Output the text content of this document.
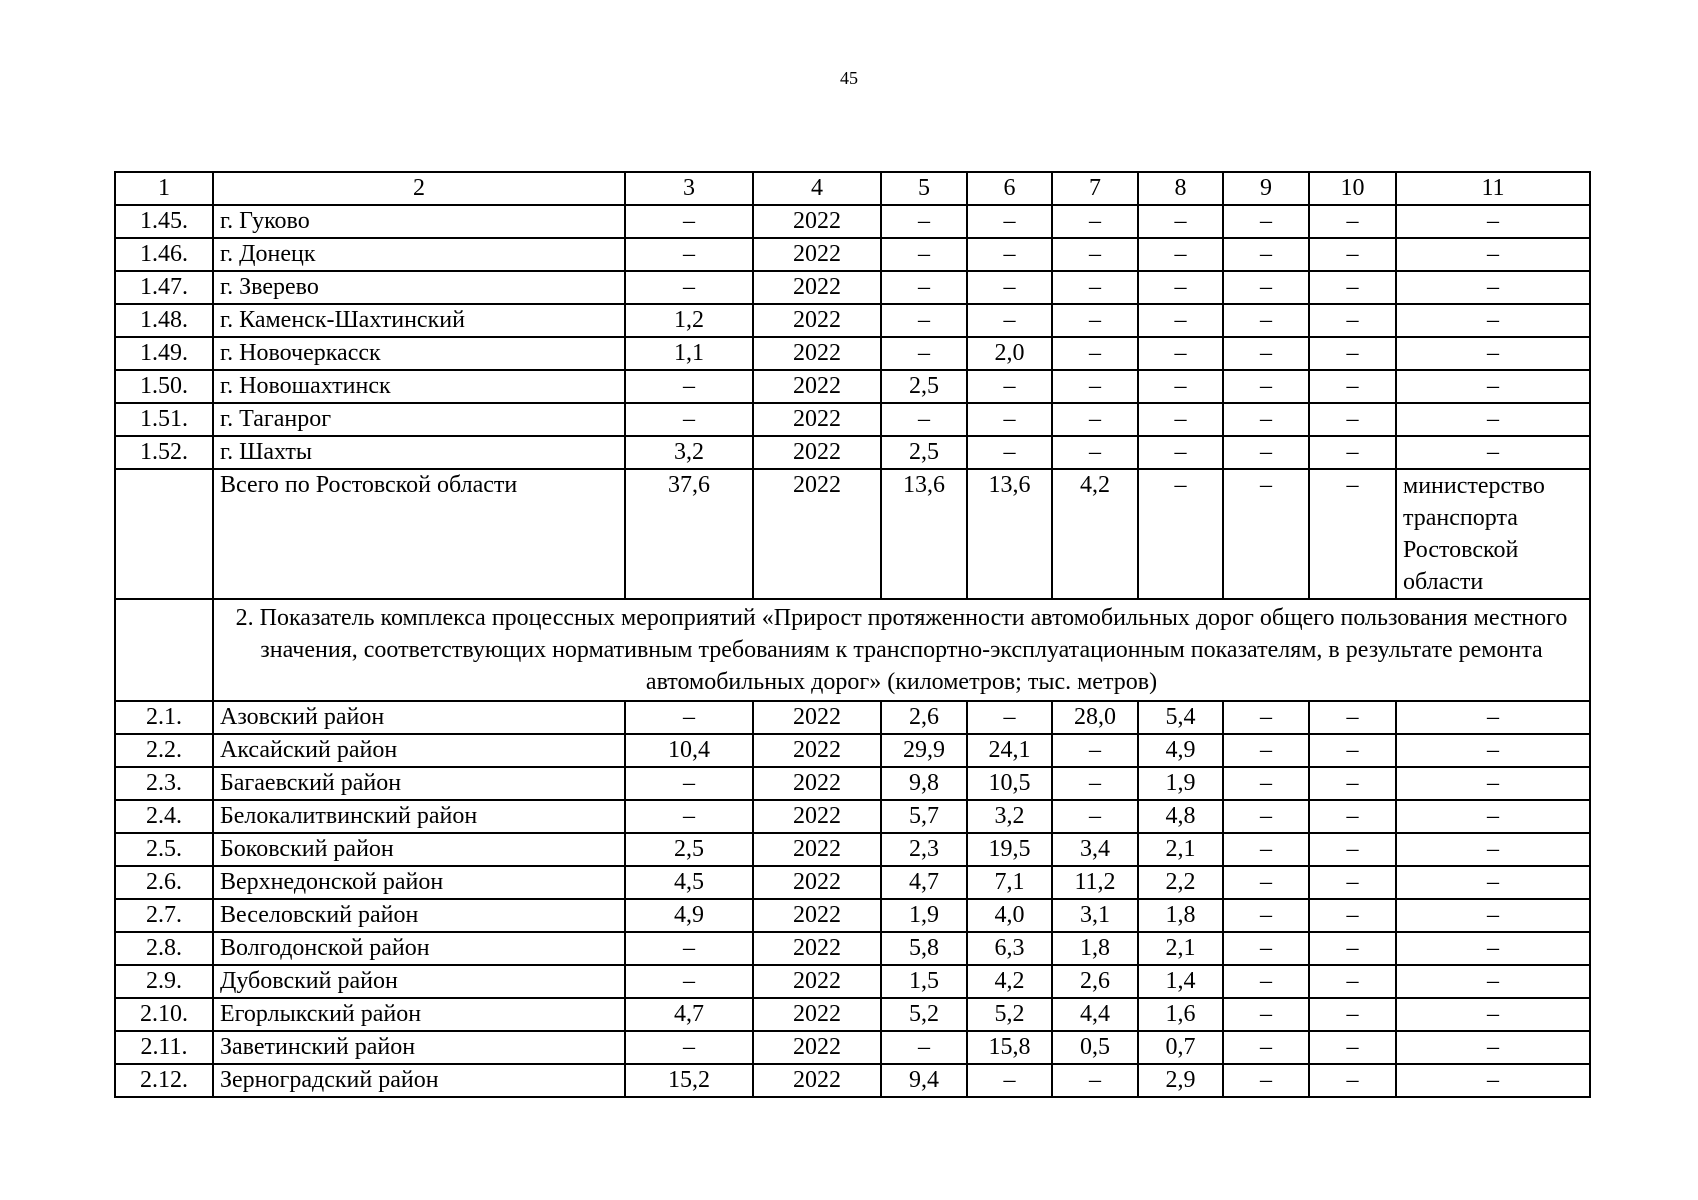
45
1	2	3	4	5	6	7	8	9	10	11
1.45.	г. Гуково	–	2022	–	–	–	–	–	–	–
1.46.	г. Донецк	–	2022	–	–	–	–	–	–	–
1.47.	г. Зверево	–	2022	–	–	–	–	–	–	–
1.48.	г. Каменск-Шахтинский	1,2	2022	–	–	–	–	–	–	–
1.49.	г. Новочеркасск	1,1	2022	–	2,0	–	–	–	–	–
1.50.	г. Новошахтинск	–	2022	2,5	–	–	–	–	–	–
1.51.	г. Таганрог	–	2022	–	–	–	–	–	–	–
1.52.	г. Шахты	3,2	2022	2,5	–	–	–	–	–	–
	Всего по Ростовской области	37,6	2022	13,6	13,6	4,2	–	–	–	министерство транспорта Ростовской области
	2. Показатель комплекса процессных мероприятий «Прирост протяженности автомобильных дорог общего пользования местного значения, соответствующих нормативным требованиям к транспортно-эксплуатационным показателям, в результате ремонта автомобильных дорог» (километров; тыс. метров)									
2.1.	Азовский район	–	2022	2,6	–	28,0	5,4	–	–	–
2.2.	Аксайский район	10,4	2022	29,9	24,1	–	4,9	–	–	–
2.3.	Багаевский район	–	2022	9,8	10,5	–	1,9	–	–	–
2.4.	Белокалитвинский район	–	2022	5,7	3,2	–	4,8	–	–	–
2.5.	Боковский район	2,5	2022	2,3	19,5	3,4	2,1	–	–	–
2.6.	Верхнедонской район	4,5	2022	4,7	7,1	11,2	2,2	–	–	–
2.7.	Веселовский район	4,9	2022	1,9	4,0	3,1	1,8	–	–	–
2.8.	Волгодонской район	–	2022	5,8	6,3	1,8	2,1	–	–	–
2.9.	Дубовский район	–	2022	1,5	4,2	2,6	1,4	–	–	–
2.10.	Егорлыкский район	4,7	2022	5,2	5,2	4,4	1,6	–	–	–
2.11.	Заветинский район	–	2022	–	15,8	0,5	0,7	–	–	–
2.12.	Зерноградский район	15,2	2022	9,4	–	–	2,9	–	–	–
